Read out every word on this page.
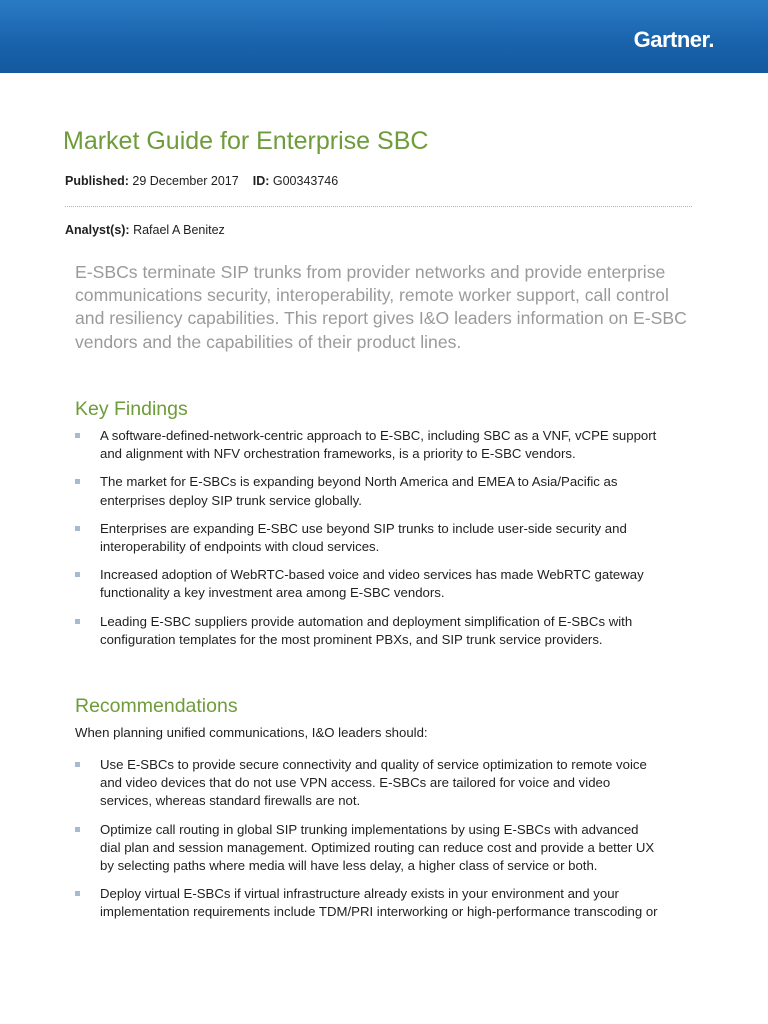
Gartner.
Market Guide for Enterprise SBC
Published: 29 December 2017 ID: G00343746
Analyst(s): Rafael A Benitez

E-SBCs terminate SIP trunks from provider networks and provide enterprise communications security, interoperability, remote worker support, call control and resiliency capabilities. This report gives I&O leaders information on E-SBC vendors and the capabilities of their product lines.

Key Findings
A software-defined-network-centric approach to E-SBC, including SBC as a VNF, vCPE support
and alignment with NFV orchestration frameworks, is a priority to E-SBC vendors.
The market for E-SBCs is expanding beyond North America and EMEA to Asia/Pacific as
enterprises deploy SIP trunk service globally.
Enterprises are expanding E-SBC use beyond SIP trunks to include user-side security and
interoperability of endpoints with cloud services.
Increased adoption of WebRTC-based voice and video services has made WebRTC gateway
functionality a key investment area among E-SBC vendors.
Leading E-SBC suppliers provide automation and deployment simplification of E-SBCs with
configuration templates for the most prominent PBXs, and SIP trunk service providers.
Recommendations

When planning unified communications, I&O leaders should:

Use E-SBCs to provide secure connectivity and quality of service optimization to remote voice
and video devices that do not use VPN access. E-SBCs are tailored for voice and video
services, whereas standard firewalls are not.
Optimize call routing in global SIP trunking implementations by using E-SBCs with advanced
dial plan and session management. Optimized routing can reduce cost and provide a better UX
by selecting paths where media will have less delay, a higher class of service or both.
Deploy virtual E-SBCs if virtual infrastructure already exists in your environment and your
implementation requirements include TDM/PRI interworking or high-performance transcoding or
